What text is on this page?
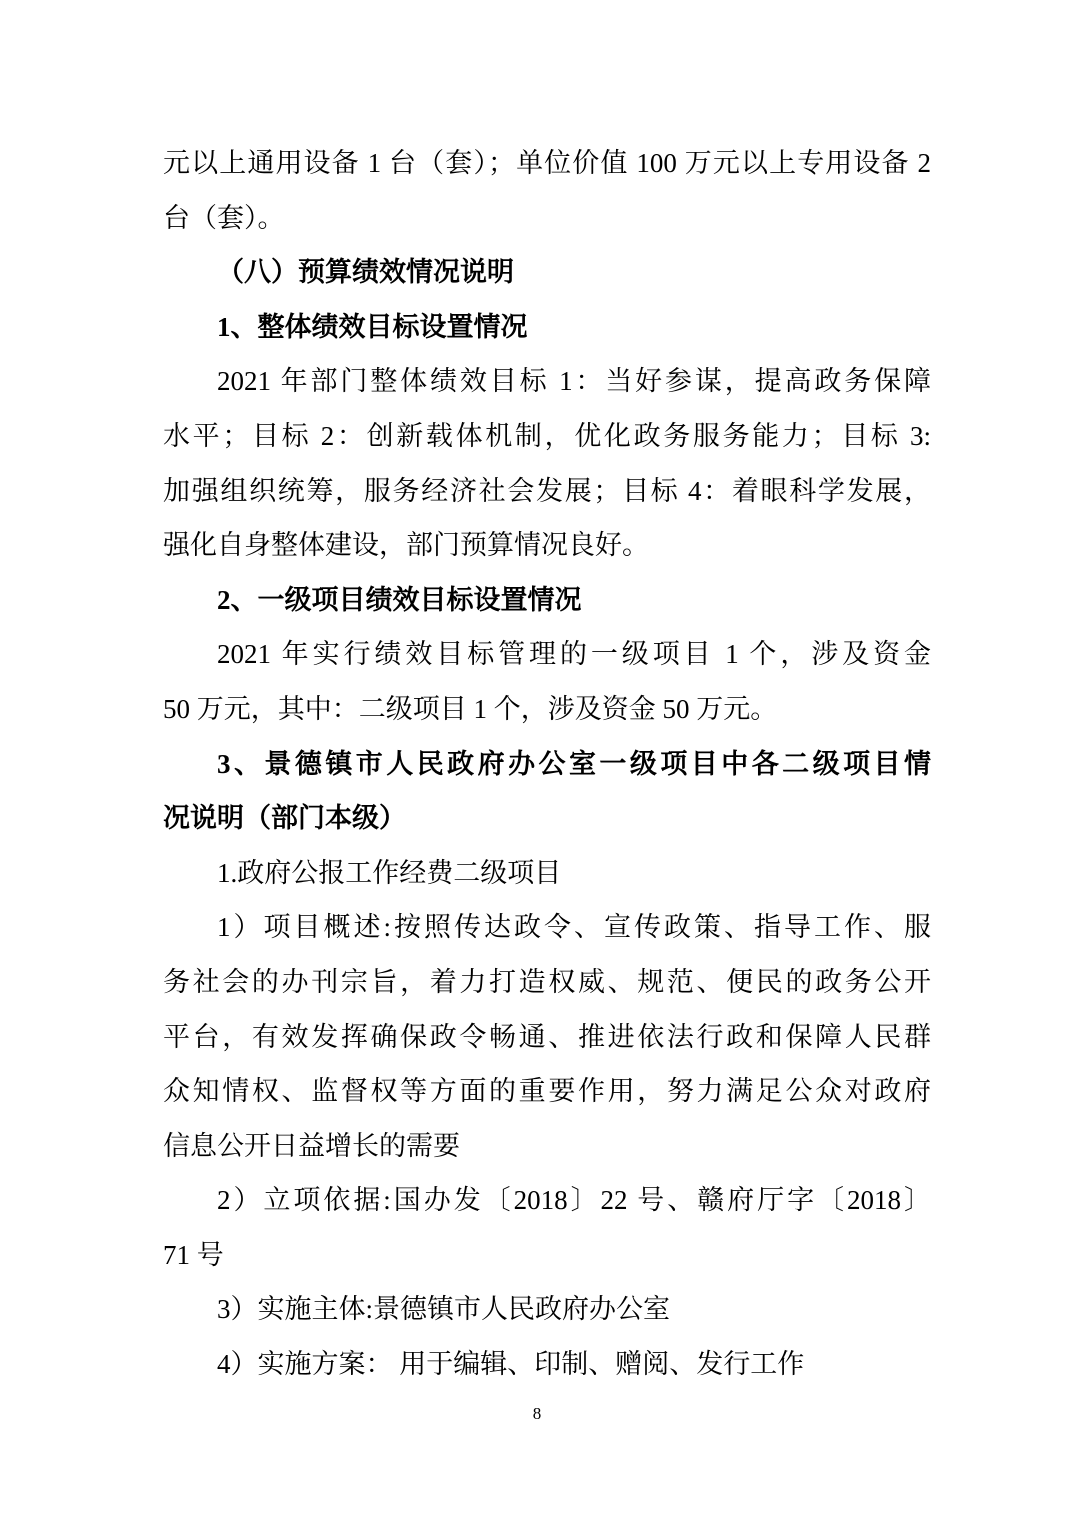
元以上通用设备 1 台（套）；单位价值 100 万元以上专用设备 2
台（套）。
（八）预算绩效情况说明
1、整体绩效目标设置情况
2021 年部门整体绩效目标 1：当好参谋，提高政务保障
水平；目标 2：创新载体机制，优化政务服务能力；目标 3:
加强组织统筹，服务经济社会发展；目标 4：着眼科学发展，
强化自身整体建设，部门预算情况良好。
2、一级项目绩效目标设置情况
2021 年实行绩效目标管理的一级项目 1 个，涉及资金
50 万元，其中：二级项目 1 个，涉及资金 50 万元。
3、景德镇市人民政府办公室一级项目中各二级项目情
况说明（部门本级）
1.政府公报工作经费二级项目
1）项目概述:按照传达政令、宣传政策、指导工作、服
务社会的办刊宗旨，着力打造权威、规范、便民的政务公开
平台，有效发挥确保政令畅通、推进依法行政和保障人民群
众知情权、监督权等方面的重要作用，努力满足公众对政府
信息公开日益增长的需要
2）立项依据:国办发〔2018〕22 号、赣府厅字〔2018〕
71 号
3）实施主体:景德镇市人民政府办公室
4）实施方案： 用于编辑、印制、赠阅、发行工作
8
